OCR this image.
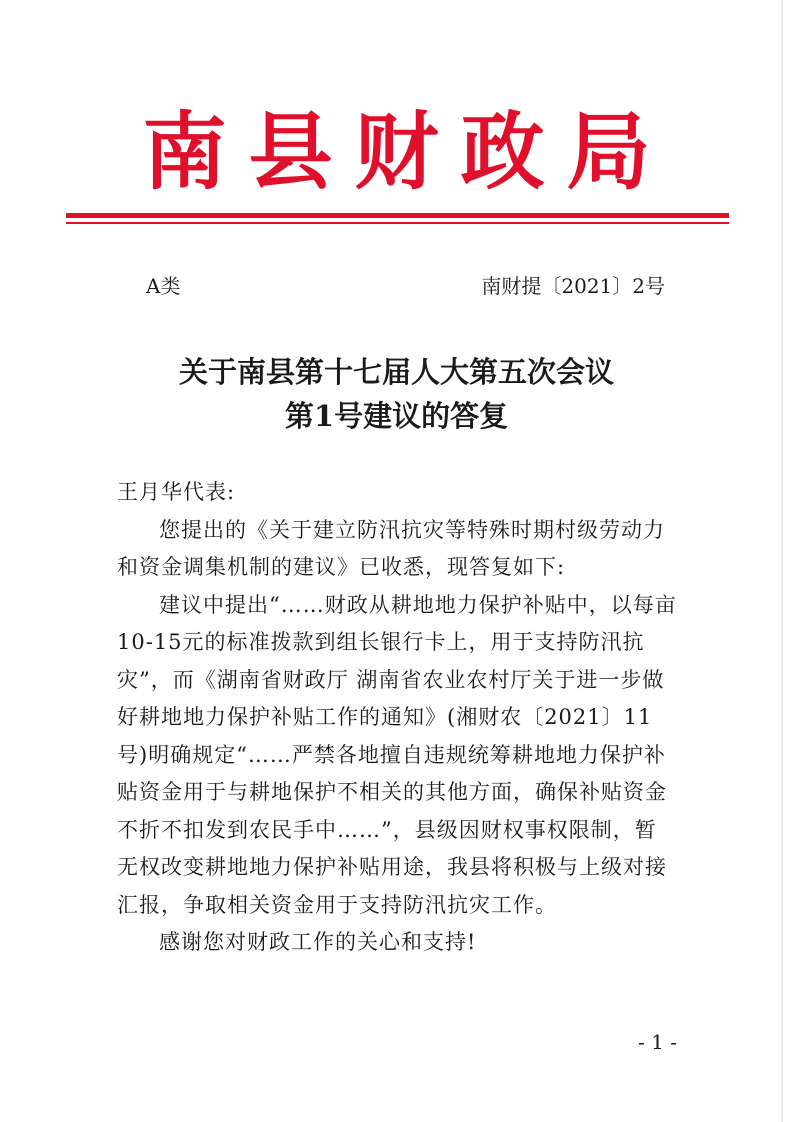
南县财政局
A类	南财提〔2021〕2号
关于南县第十七届人大第五次会议
第1号建议的答复

王月华代表:

您提出的《关于建立防汛抗灾等特殊时期村级劳动力和资金调集机制的建议》已收悉，现答复如下:

建议中提出“……财政从耕地地力保护补贴中，以每亩10-15元的标准拨款到组长银行卡上，用于支持防汛抗灾”，而《湖南省财政厅 湖南省农业农村厅关于进一步做好耕地地力保护补贴工作的通知》(湘财农〔2021〕11号)明确规定“……严禁各地擅自违规统筹耕地地力保护补贴资金用于与耕地保护不相关的其他方面，确保补贴资金不折不扣发到农民手中……”，县级因财权事权限制，暂无权改变耕地地力保护补贴用途，我县将积极与上级对接汇报，争取相关资金用于支持防汛抗灾工作。

感谢您对财政工作的关心和支持!

- 1 -
